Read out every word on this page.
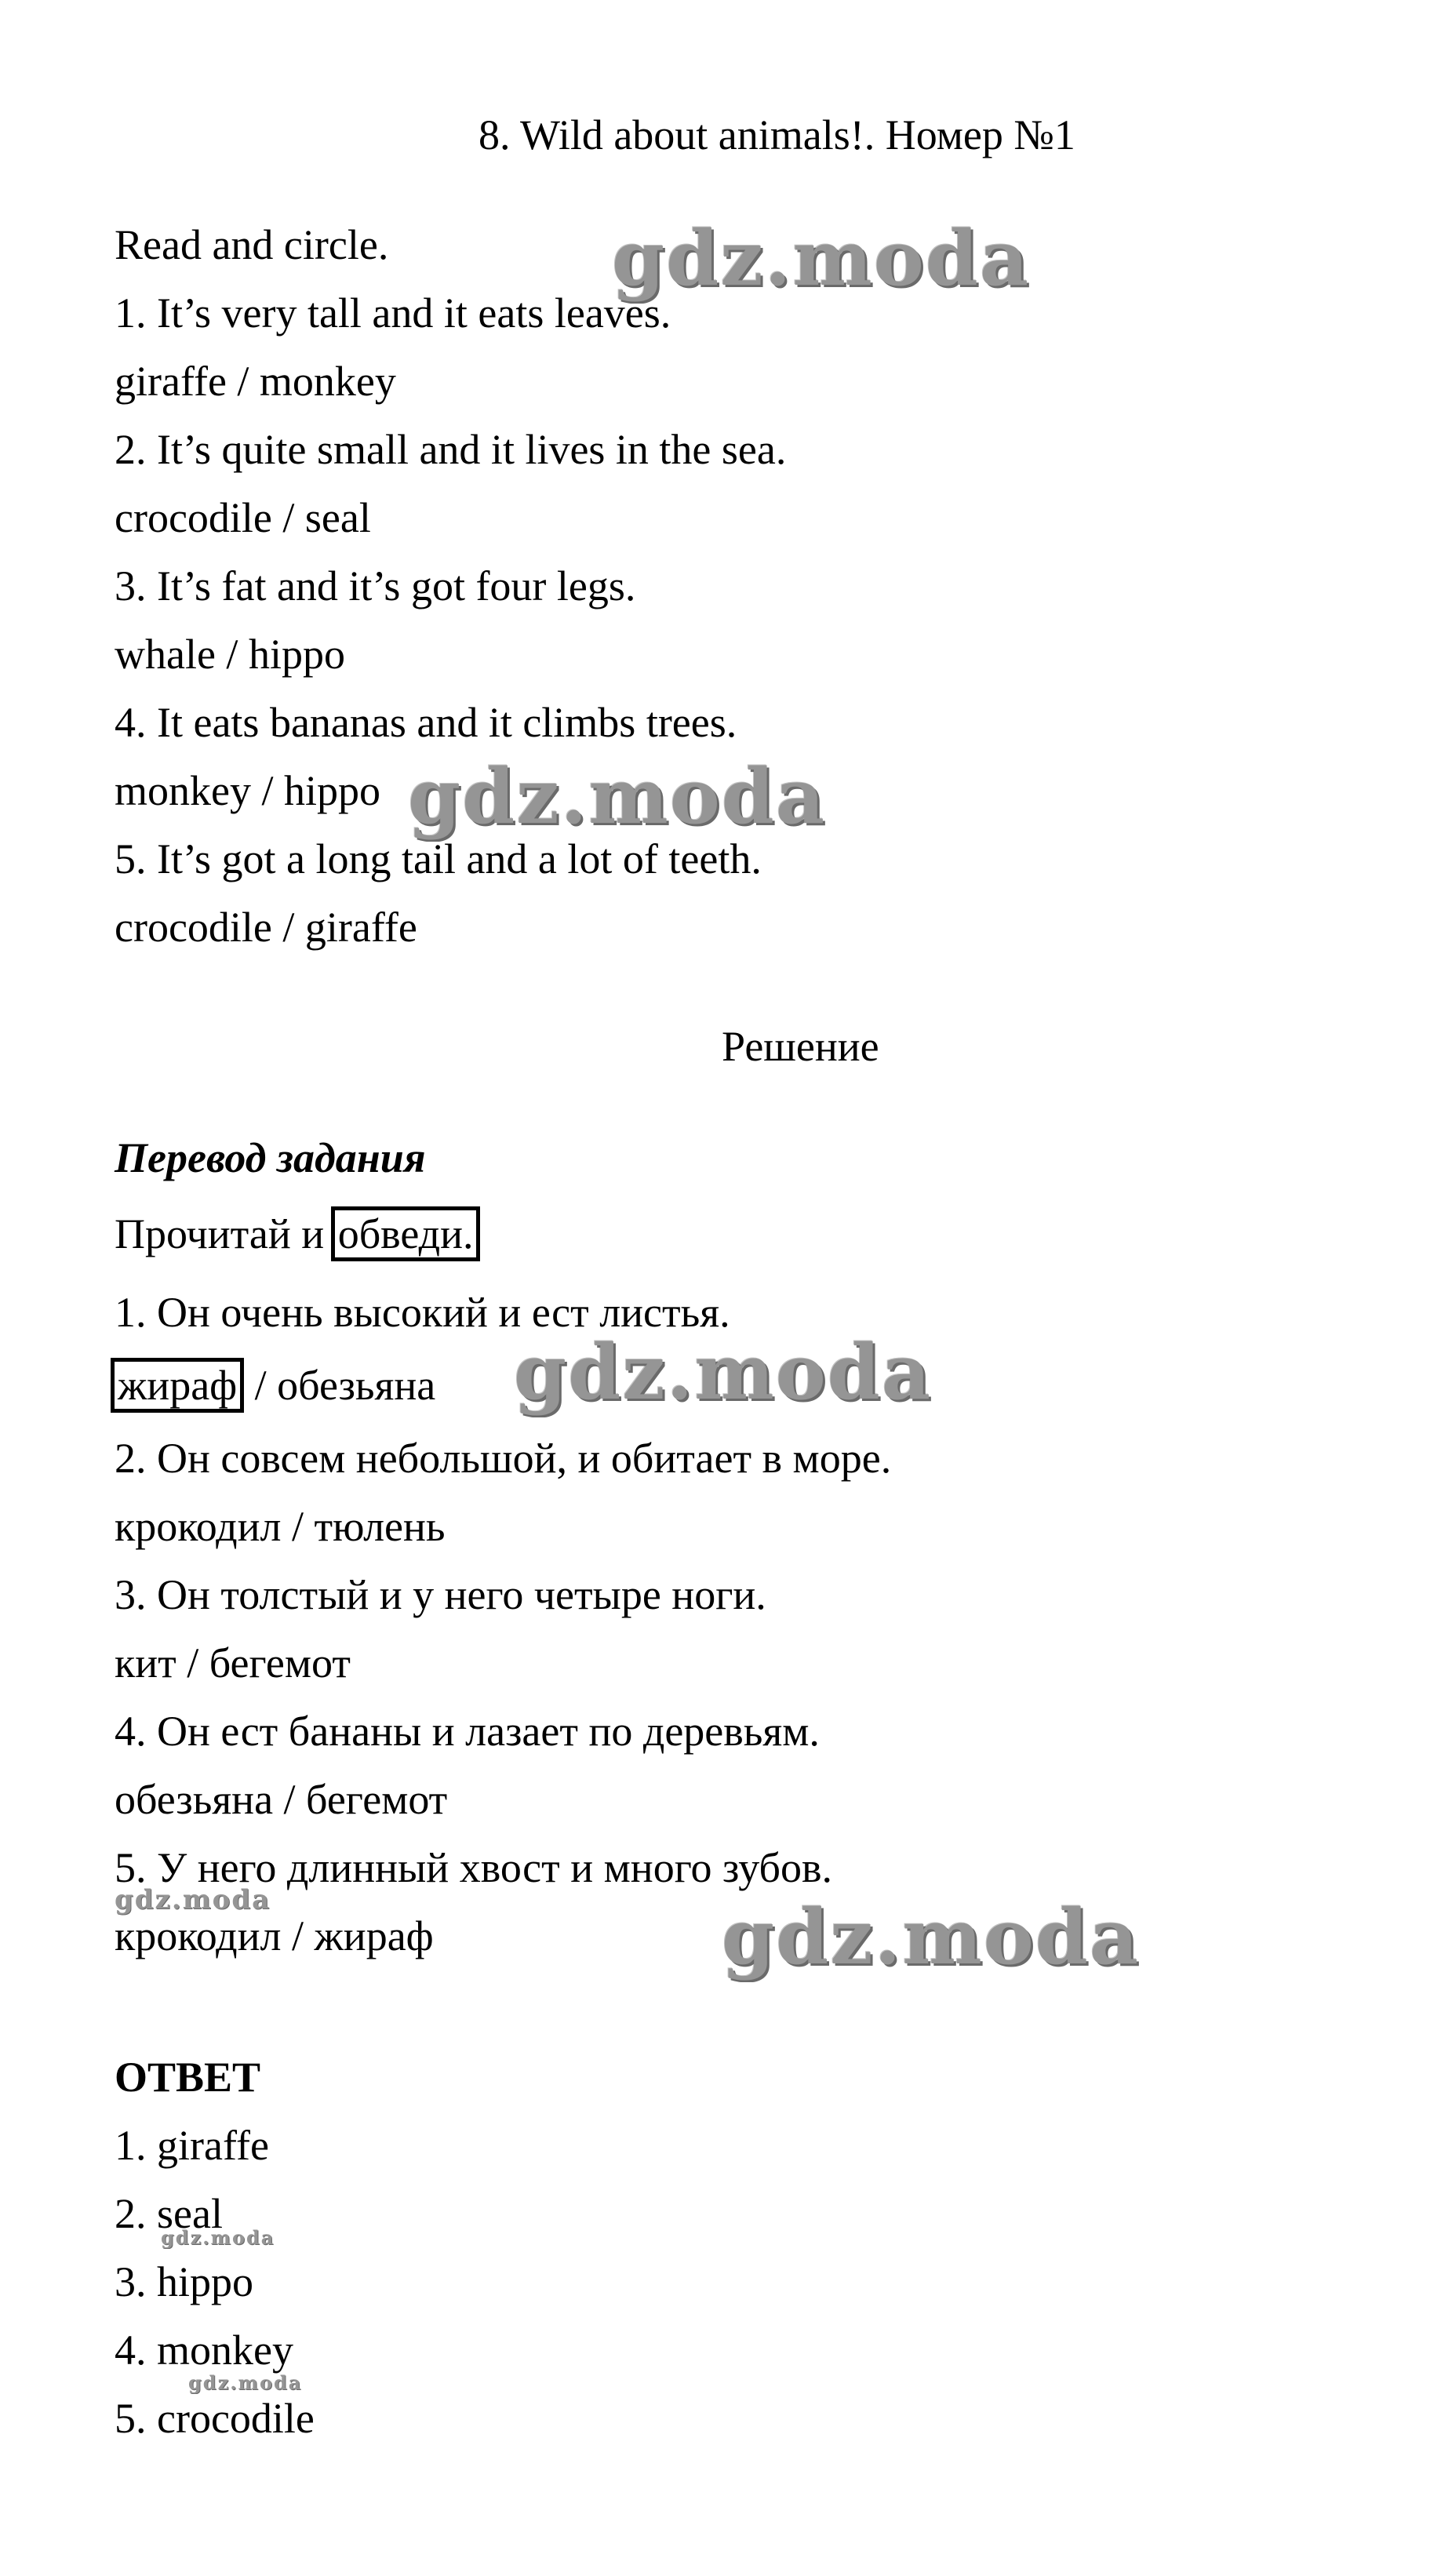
8. Wild about animals!. Номер №1
Read and circle.
1. It’s very tall and it eats leaves.
giraffe / monkey
2. It’s quite small and it lives in the sea.
crocodile / seal
3. It’s fat and it’s got four legs.
whale / hippo
4. It eats bananas and it climbs trees.
monkey / hippo
5. It’s got a long tail and a lot of teeth.
crocodile / giraffe
Решение
Перевод задания
Прочитай и обведи.
1. Он очень высокий и ест листья.
жираф / обезьяна
2. Он совсем небольшой, и обитает в море.
крокодил / тюлень
3. Он толстый и у него четыре ноги.
кит / бегемот
4. Он ест бананы и лазает по деревьям.
обезьяна / бегемот
5. У него длинный хвост и много зубов.
крокодил / жираф
ОТВЕТ
1. giraffe
2. seal
3. hippo
4. monkey
5. crocodile
gdz.moda
gdz.moda
gdz.moda
gdz.moda
gdz.moda
gdz.moda
gdz.moda
